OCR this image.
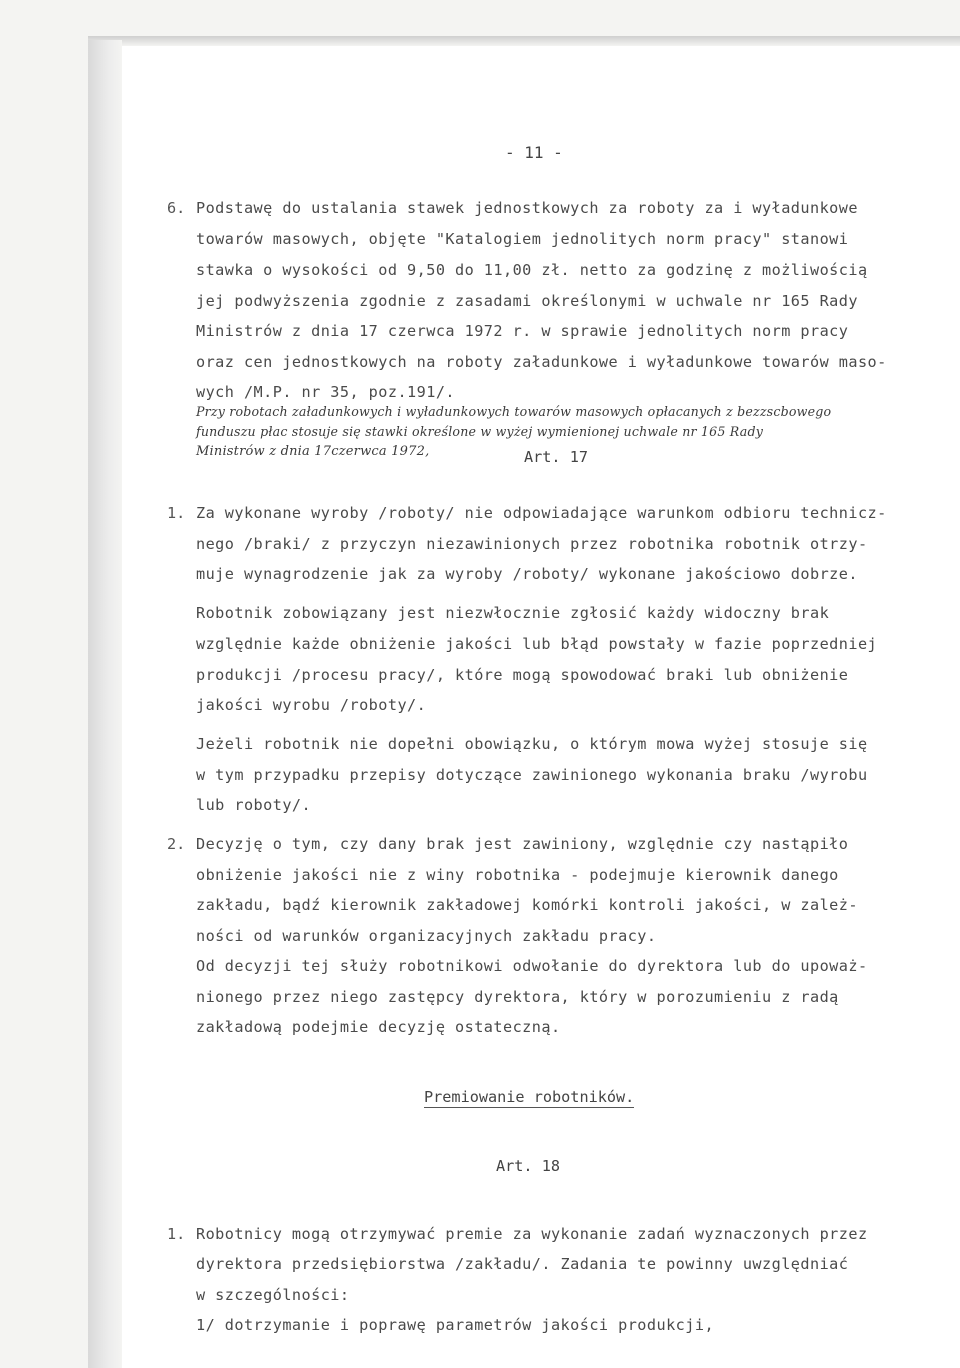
- 11 -
6. Podstawę do ustalania stawek jednostkowych za roboty za i wyładunkowe
towarów masowych, objęte "Katalogiem jednolitych norm pracy" stanowi
stawka o wysokości od 9,50 do 11,00 zł. netto za godzinę z możliwością
jej podwyższenia zgodnie z zasadami określonymi w uchwale nr 165 Rady
Ministrów z dnia 17 czerwca 1972 r. w sprawie jednolitych norm pracy
oraz cen jednostkowych na roboty załadunkowe i wyładunkowe towarów maso-
wych /M.P. nr 35, poz.191/.
Przy robotach załadunkowych i wyładunkowych towarów masowych opłacanych z bezzscbowego
funduszu płac stosuje się stawki określone w wyżej wymienionej uchwale nr 165 Rady
Ministrów z dnia 17czerwca 1972,	Art. 17
1. Za wykonane wyroby /roboty/ nie odpowiadające warunkom odbioru technicz-
nego /braki/ z przyczyn niezawinionych przez robotnika robotnik otrzy-
muje wynagrodzenie jak za wyroby /roboty/ wykonane jakościowo dobrze.
Robotnik zobowiązany jest niezwłocznie zgłosić każdy widoczny brak
względnie każde obniżenie jakości lub błąd powstały w fazie poprzedniej
produkcji /procesu pracy/, które mogą spowodować braki lub obniżenie
jakości wyrobu /roboty/.
Jeżeli robotnik nie dopełni obowiązku, o którym mowa wyżej stosuje się
w tym przypadku przepisy dotyczące zawinionego wykonania braku /wyrobu
lub roboty/.
2. Decyzję o tym, czy dany brak jest zawiniony, względnie czy nastąpiło
obniżenie jakości nie z winy robotnika - podejmuje kierownik danego
zakładu, bądź kierownik zakładowej komórki kontroli jakości, w zależ-
ności od warunków organizacyjnych zakładu pracy.
Od decyzji tej służy robotnikowi odwołanie do dyrektora lub do upoważ-
nionego przez niego zastępcy dyrektora, który w porozumieniu z radą
zakładową podejmie decyzję ostateczną.
Premiowanie robotników.
Art. 18
1. Robotnicy mogą otrzymywać premie za wykonanie zadań wyznaczonych przez
dyrektora przedsiębiorstwa /zakładu/. Zadania te powinny uwzględniać
w szczególności:
1/ dotrzymanie i poprawę parametrów jakości produkcji,
